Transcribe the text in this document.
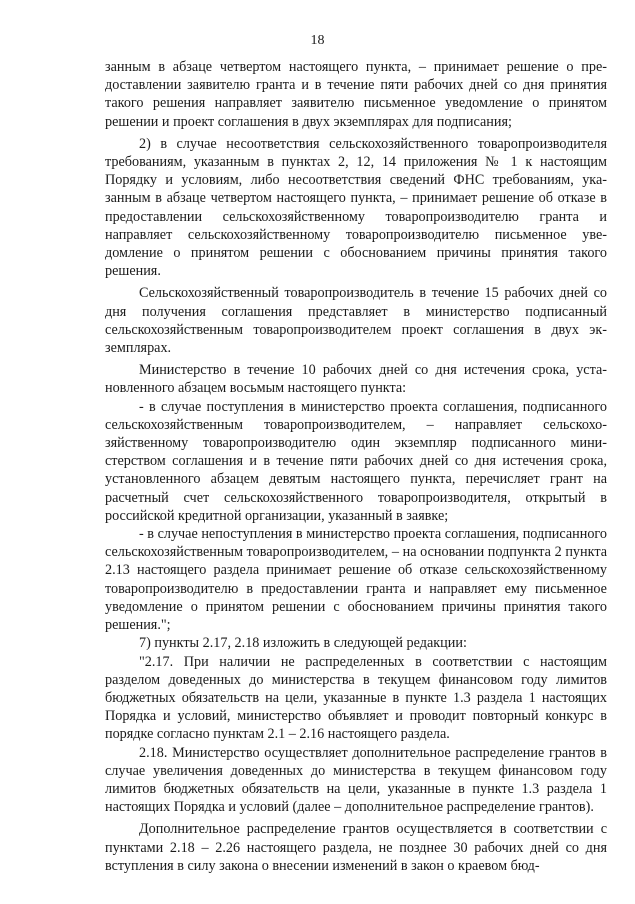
18

занным в абзаце четвертом настоящего пункта, – принимает решение о предоставлении заявителю гранта и в течение пяти рабочих дней со дня принятия такого решения направляет заявителю письменное уведомление о принятом решении и проект соглашения в двух экземплярах для подписания;

2) в случае несоответствия сельскохозяйственного товаропроизводителя требованиям, указанным в пунктах 2, 12, 14 приложения № 1 к настоящим Порядку и условиям, либо несоответствия сведений ФНС требованиям, указанным в абзаце четвертом настоящего пункта, – принимает решение об отказе в предоставлении сельскохозяйственному товаропроизводителю гранта и направляет сельскохозяйственному товаропроизводителю письменное уведомление о принятом решении с обоснованием причины принятия такого решения.

Сельскохозяйственный товаропроизводитель в течение 15 рабочих дней со дня получения соглашения представляет в министерство подписанный сельскохозяйственным товаропроизводителем проект соглашения в двух экземплярах.

Министерство в течение 10 рабочих дней со дня истечения срока, установленного абзацем восьмым настоящего пункта:

- в случае поступления в министерство проекта соглашения, подписанного сельскохозяйственным товаропроизводителем, – направляет сельскохозяйственному товаропроизводителю один экземпляр подписанного министерством соглашения и в течение пяти рабочих дней со дня истечения срока, установленного абзацем девятым настоящего пункта, перечисляет грант на расчетный счет сельскохозяйственного товаропроизводителя, открытый в российской кредитной организации, указанный в заявке;

- в случае непоступления в министерство проекта соглашения, подписанного сельскохозяйственным товаропроизводителем, – на основании подпункта 2 пункта 2.13 настоящего раздела принимает решение об отказе сельскохозяйственному товаропроизводителю в предоставлении гранта и направляет ему письменное уведомление о принятом решении с обоснованием причины принятия такого решения.";

7) пункты 2.17, 2.18 изложить в следующей редакции:

"2.17. При наличии не распределенных в соответствии с настоящим разделом доведенных до министерства в текущем финансовом году лимитов бюджетных обязательств на цели, указанные в пункте 1.3 раздела 1 настоящих Порядка и условий, министерство объявляет и проводит повторный конкурс в порядке согласно пунктам 2.1 – 2.16 настоящего раздела.

2.18. Министерство осуществляет дополнительное распределение грантов в случае увеличения доведенных до министерства в текущем финансовом году лимитов бюджетных обязательств на цели, указанные в пункте 1.3 раздела 1 настоящих Порядка и условий (далее – дополнительное распределение грантов).

Дополнительное распределение грантов осуществляется в соответствии с пунктами 2.18 – 2.26 настоящего раздела, не позднее 30 рабочих дней со дня вступления в силу закона о внесении изменений в закон о краевом бюд-
